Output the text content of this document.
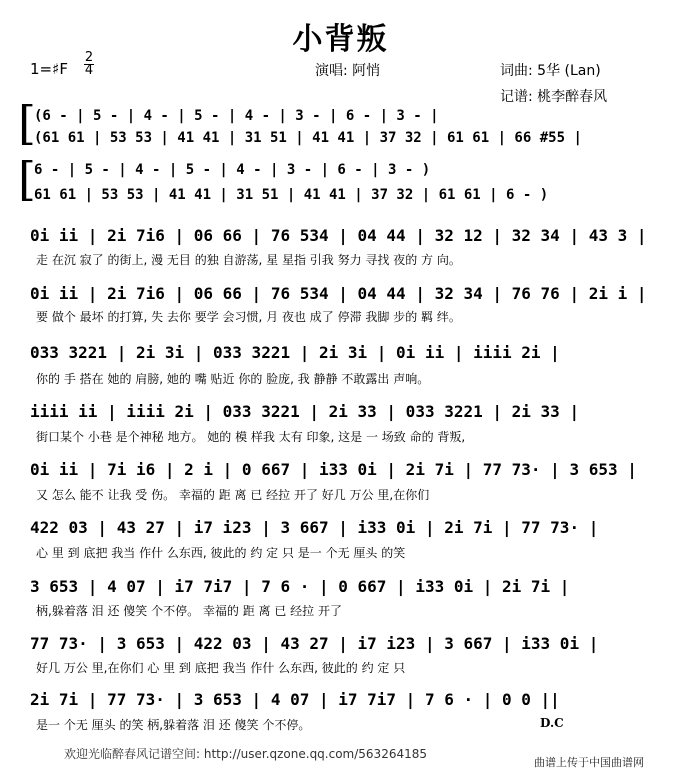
小背叛
1=♯F
2
4	演唱: 阿悄	词曲: 5华 (Lan)
记谱: 桃李醉春风
[
(6 - | 5 - | 4 - | 5 - | 4 - | 3 - | 6 - | 3 - |
(61 61 | 53 53 | 41 41 | 31 51 | 41 41 | 37 32 | 61 61 | 66 #55 |
[
6 - | 5 - | 4 - | 5 - | 4 - | 3 - | 6 - | 3 - )
61 61 | 53 53 | 41 41 | 31 51 | 41 41 | 37 32 | 61 61 | 6 - )
0i ii | 2i 7i6 | 06 66 | 76 534 | 04 44 | 32 12 | 32 34 | 43 3 |
走 在沉 寂了 的街上, 漫 无目 的独 自游荡, 星 星指 引我 努力 寻找 夜的 方 向。
0i ii | 2i 7i6 | 06 66 | 76 534 | 04 44 | 32 34 | 76 76 | 2i i |
要 做个 最坏 的打算, 失 去你 要学 会习惯, 月 夜也 成了 停滞 我脚 步的 羁 绊。
033 3221 | 2i 3i | 033 3221 | 2i 3i | 0i ii | iiii 2i |
你的 手 搭在 她的 肩膀, 她的 嘴 贴近 你的 脸庞, 我 静静 不敢露出 声响。
iiii ii | iiii 2i | 033 3221 | 2i 33 | 033 3221 | 2i 33 |
街口某个 小巷 是个神秘 地方。 她的 模 样我 太有 印象, 这是 一 场致 命的 背叛,
0i ii | 7i i6 | 2 i | 0 667 | i33 0i | 2i 7i | 77 73· | 3 653 |
又 怎么 能不 让我 受 伤。 幸福的 距 离 已 经拉 开了 好几 万公 里,在你们
422 03 | 43 27 | i7 i23 | 3 667 | i33 0i | 2i 7i | 77 73· |
心 里 到 底把 我当 作什 么东西, 彼此的 约 定 只 是一 个无 厘头 的笑
3 653 | 4 07 | i7 7i7 | 7 6 · | 0 667 | i33 0i | 2i 7i |
柄,躲着落 泪 还 傻笑 个不停。 幸福的 距 离 已 经拉 开了
77 73· | 3 653 | 422 03 | 43 27 | i7 i23 | 3 667 | i33 0i |
好几 万公 里,在你们 心 里 到 底把 我当 作什 么东西, 彼此的 约 定 只
2i 7i | 77 73· | 3 653 | 4 07 | i7 7i7 | 7 6 · | 0 0 ||
是一 个无 厘头 的笑 柄,躲着落 泪 还 傻笑 个不停。	D.C
欢迎光临醉春风记谱空间: http://user.qzone.qq.com/563264185
曲谱上传于中国曲谱网
